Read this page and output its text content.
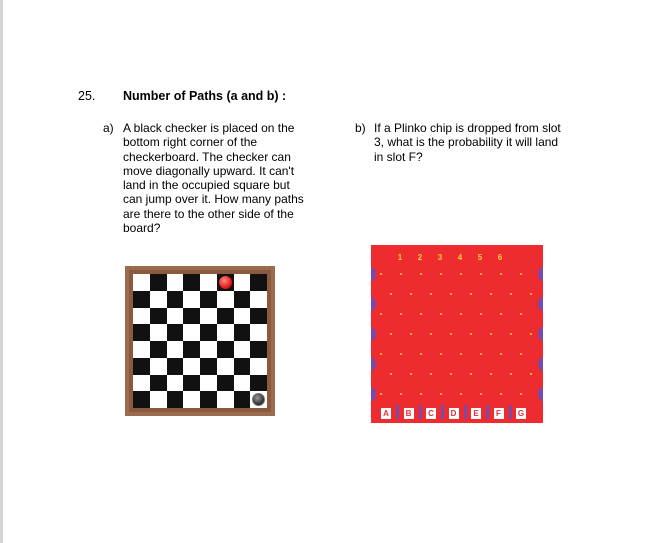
25. Number of Paths (a and b) :
a) A black checker is placed on the
bottom right corner of the
checkerboard. The checker can
move diagonally upward. It can't
land in the occupied square but
can jump over it. How many paths
are there to the other side of the
board?
b) If a Plinko chip is dropped from slot
3, what is the probability it will land
in slot F?
1	2	3	4	5	6
A B C D E	F	G
